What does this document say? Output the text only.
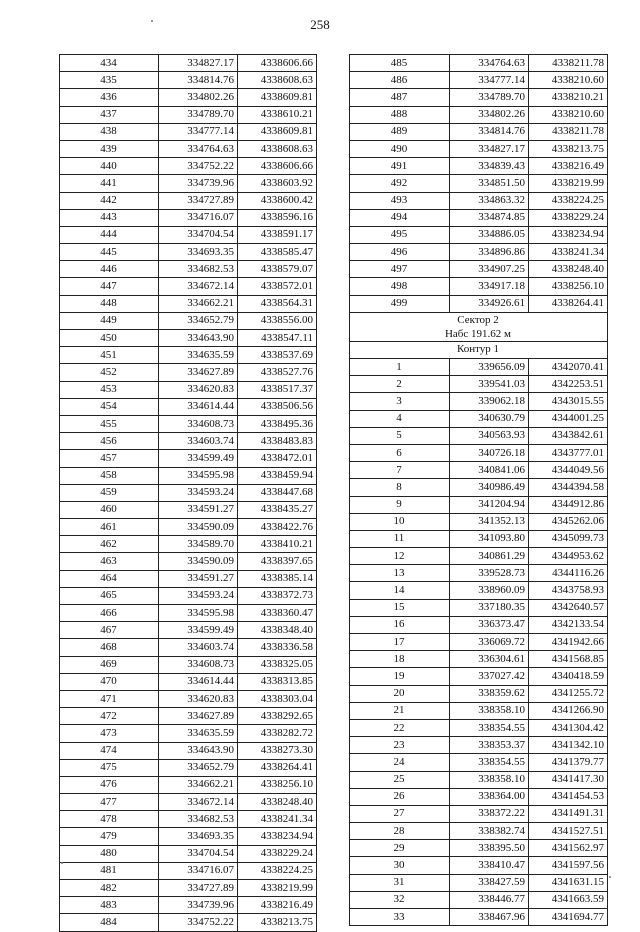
258
434	334827.17	4338606.66
435	334814.76	4338608.63
436	334802.26	4338609.81
437	334789.70	4338610.21
438	334777.14	4338609.81
439	334764.63	4338608.63
440	334752.22	4338606.66
441	334739.96	4338603.92
442	334727.89	4338600.42
443	334716.07	4338596.16
444	334704.54	4338591.17
445	334693.35	4338585.47
446	334682.53	4338579.07
447	334672.14	4338572.01
448	334662.21	4338564.31
449	334652.79	4338556.00
450	334643.90	4338547.11
451	334635.59	4338537.69
452	334627.89	4338527.76
453	334620.83	4338517.37
454	334614.44	4338506.56
455	334608.73	4338495.36
456	334603.74	4338483.83
457	334599.49	4338472.01
458	334595.98	4338459.94
459	334593.24	4338447.68
460	334591.27	4338435.27
461	334590.09	4338422.76
462	334589.70	4338410.21
463	334590.09	4338397.65
464	334591.27	4338385.14
465	334593.24	4338372.73
466	334595.98	4338360.47
467	334599.49	4338348.40
468	334603.74	4338336.58
469	334608.73	4338325.05
470	334614.44	4338313.85
471	334620.83	4338303.04
472	334627.89	4338292.65
473	334635.59	4338282.72
474	334643.90	4338273.30
475	334652.79	4338264.41
476	334662.21	4338256.10
477	334672.14	4338248.40
478	334682.53	4338241.34
479	334693.35	4338234.94
480	334704.54	4338229.24
481	334716.07	4338224.25
482	334727.89	4338219.99
483	334739.96	4338216.49
484	334752.22	4338213.75
485	334764.63	4338211.78
486	334777.14	4338210.60
487	334789.70	4338210.21
488	334802.26	4338210.60
489	334814.76	4338211.78
490	334827.17	4338213.75
491	334839.43	4338216.49
492	334851.50	4338219.99
493	334863.32	4338224.25
494	334874.85	4338229.24
495	334886.05	4338234.94
496	334896.86	4338241.34
497	334907.25	4338248.40
498	334917.18	4338256.10
499	334926.61	4338264.41

Сектор 2
Набс 191.62 м		

Контур 1		
1	339656.09	4342070.41
2	339541.03	4342253.51
3	339062.18	4343015.55
4	340630.79	4344001.25
5	340563.93	4343842.61
6	340726.18	4343777.01
7	340841.06	4344049.56
8	340986.49	4344394.58
9	341204.94	4344912.86
10	341352.13	4345262.06
11	341093.80	4345099.73
12	340861.29	4344953.62
13	339528.73	4344116.26
14	338960.09	4343758.93
15	337180.35	4342640.57
16	336373.47	4342133.54
17	336069.72	4341942.66
18	336304.61	4341568.85
19	337027.42	4340418.59
20	338359.62	4341255.72
21	338358.10	4341266.90
22	338354.55	4341304.42
23	338353.37	4341342.10
24	338354.55	4341379.77
25	338358.10	4341417.30
26	338364.00	4341454.53
27	338372.22	4341491.31
28	338382.74	4341527.51
29	338395.50	4341562.97
30	338410.47	4341597.56
31	338427.59	4341631.15
32	338446.77	4341663.59
33	338467.96	4341694.77
